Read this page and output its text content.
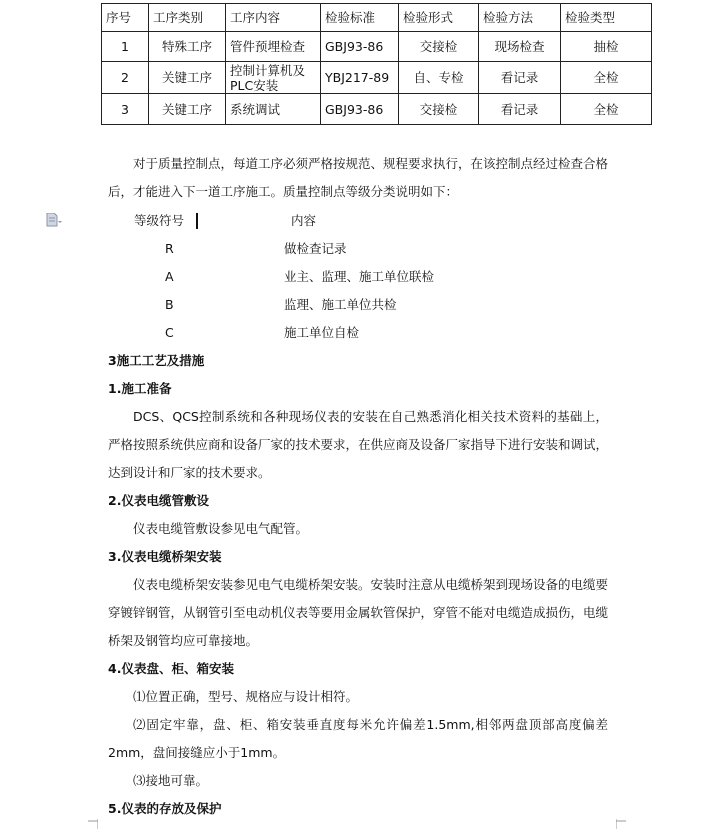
序号	工序类别	工序内容	检验标准	检验形式	检验方法	检验类型
1	特殊工序	管件预埋检查	GBJ93-86	交接检	现场检查	抽检
2	关键工序	控制计算机及PLC安装	YBJ217-89	自、专检	看记录	全检
3	关键工序	系统调试	GBJ93-86	交接检	看记录	全检

对于质量控制点，每道工序必须严格按规范、规程要求执行，在该控制点经过检查合格后，才能进入下一道工序施工。质量控制点等级分类说明如下：

等级符号	内容
R	做检查记录
A	业主、监理、施工单位联检
B	监理、施工单位共检
C	施工单位自检
3施工工艺及措施
1.施工准备

DCS、QCS控制系统和各种现场仪表的安装在自己熟悉消化相关技术资料的基础上，严格按照系统供应商和设备厂家的技术要求，在供应商及设备厂家指导下进行安装和调试，达到设计和厂家的技术要求。

2.仪表电缆管敷设

仪表电缆管敷设参见电气配管。

3.仪表电缆桥架安装

仪表电缆桥架安装参见电气电缆桥架安装。安装时注意从电缆桥架到现场设备的电缆要穿镀锌钢管，从钢管引至电动机仪表等要用金属软管保护，穿管不能对电缆造成损伤，电缆桥架及钢管均应可靠接地。

4.仪表盘、柜、箱安装

⑴位置正确，型号、规格应与设计相符。

⑵固定牢靠，盘、柜、箱安装垂直度每米允许偏差1.5mm,相邻两盘顶部高度偏差2mm，盘间接缝应小于1mm。

⑶接地可靠。

5.仪表的存放及保护
